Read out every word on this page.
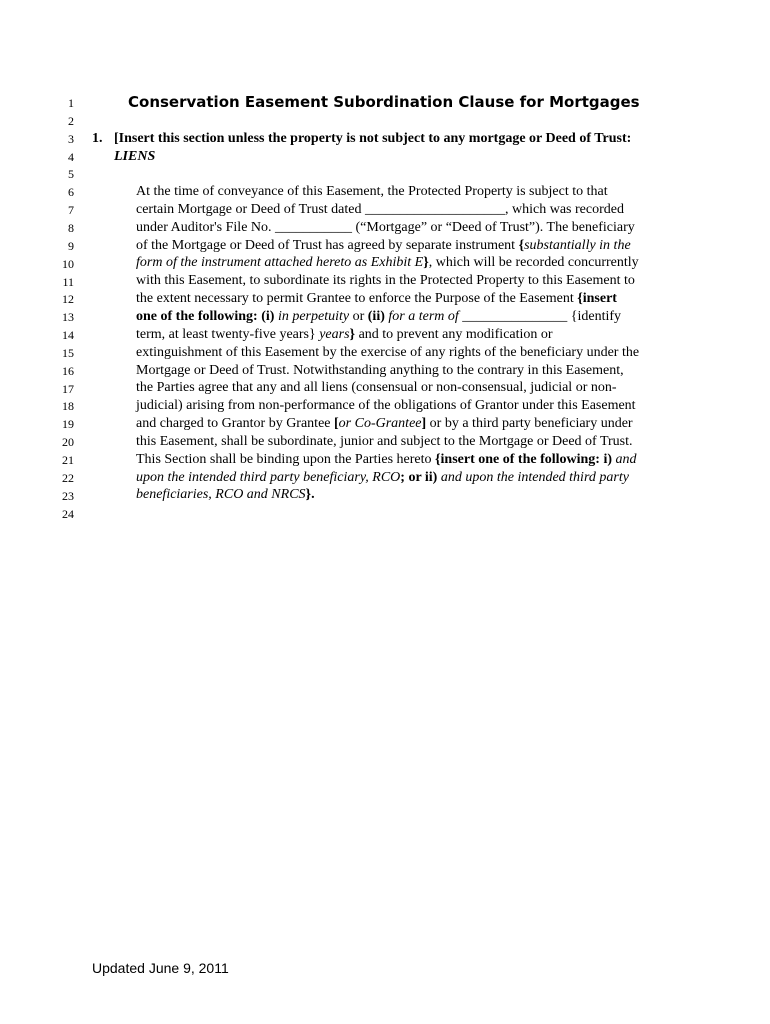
1
2
3
4
5
6
7
8
9
10
11
12
13
14
15
16
17
18
19
20
21
22
23
24
Conservation Easement Subordination Clause for Mortgages
1. [Insert this section unless the property is not subject to any mortgage or Deed of Trust:
LIENS
At the time of conveyance of this Easement, the Protected Property is subject to that
certain Mortgage or Deed of Trust dated ____________________, which was recorded
under Auditor's File No. ___________ (“Mortgage” or “Deed of Trust”). The beneficiary
of the Mortgage or Deed of Trust has agreed by separate instrument {substantially in the
form of the instrument attached hereto as Exhibit E}, which will be recorded concurrently
with this Easement, to subordinate its rights in the Protected Property to this Easement to
the extent necessary to permit Grantee to enforce the Purpose of the Easement {insert
one of the following: (i) in perpetuity or (ii) for a term of _______________ {identify
term, at least twenty-five years} years} and to prevent any modification or
extinguishment of this Easement by the exercise of any rights of the beneficiary under the
Mortgage or Deed of Trust. Notwithstanding anything to the contrary in this Easement,
the Parties agree that any and all liens (consensual or non-consensual, judicial or non-
judicial) arising from non-performance of the obligations of Grantor under this Easement
and charged to Grantor by Grantee [or Co-Grantee] or by a third party beneficiary under
this Easement, shall be subordinate, junior and subject to the Mortgage or Deed of Trust.
This Section shall be binding upon the Parties hereto {insert one of the following: i) and
upon the intended third party beneficiary, RCO; or ii) and upon the intended third party
beneficiaries, RCO and NRCS}.
Updated June 9, 2011
